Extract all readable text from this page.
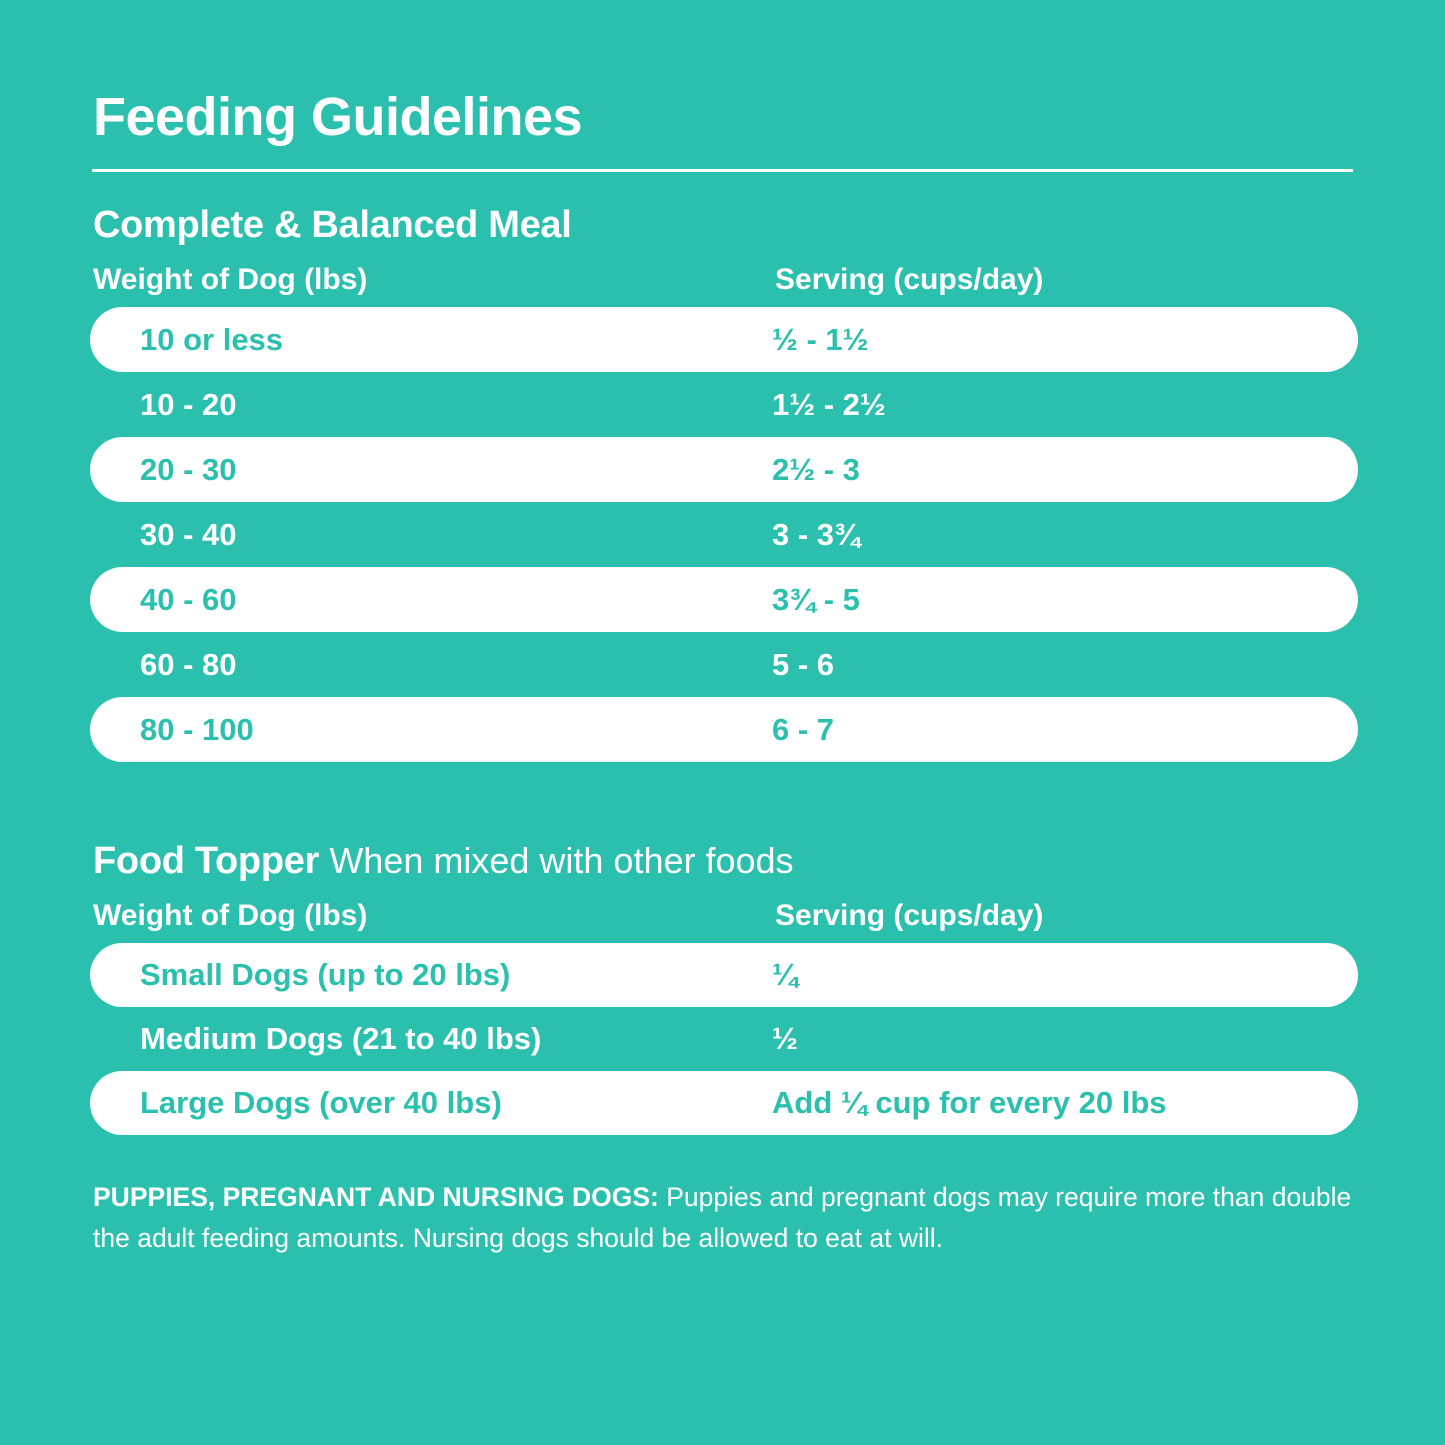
Feeding Guidelines
Complete & Balanced Meal
Weight of Dog (lbs)	Serving (cups/day)
10 or less	½ - 1½
10 - 20	1½ - 2½
20 - 30	2½ - 3
30 - 40	3 - 3¾
40 - 60	3¾ - 5
60 - 80	5 - 6
80 - 100	6 - 7
Food Topper When mixed with other foods
Weight of Dog (lbs)	Serving (cups/day)
Small Dogs (up to 20 lbs)	¼
Medium Dogs (21 to 40 lbs)	½
Large Dogs (over 40 lbs)	Add ¼ cup for every 20 lbs

PUPPIES, PREGNANT AND NURSING DOGS: Puppies and pregnant dogs may require more than double the adult feeding amounts. Nursing dogs should be allowed to eat at will.
